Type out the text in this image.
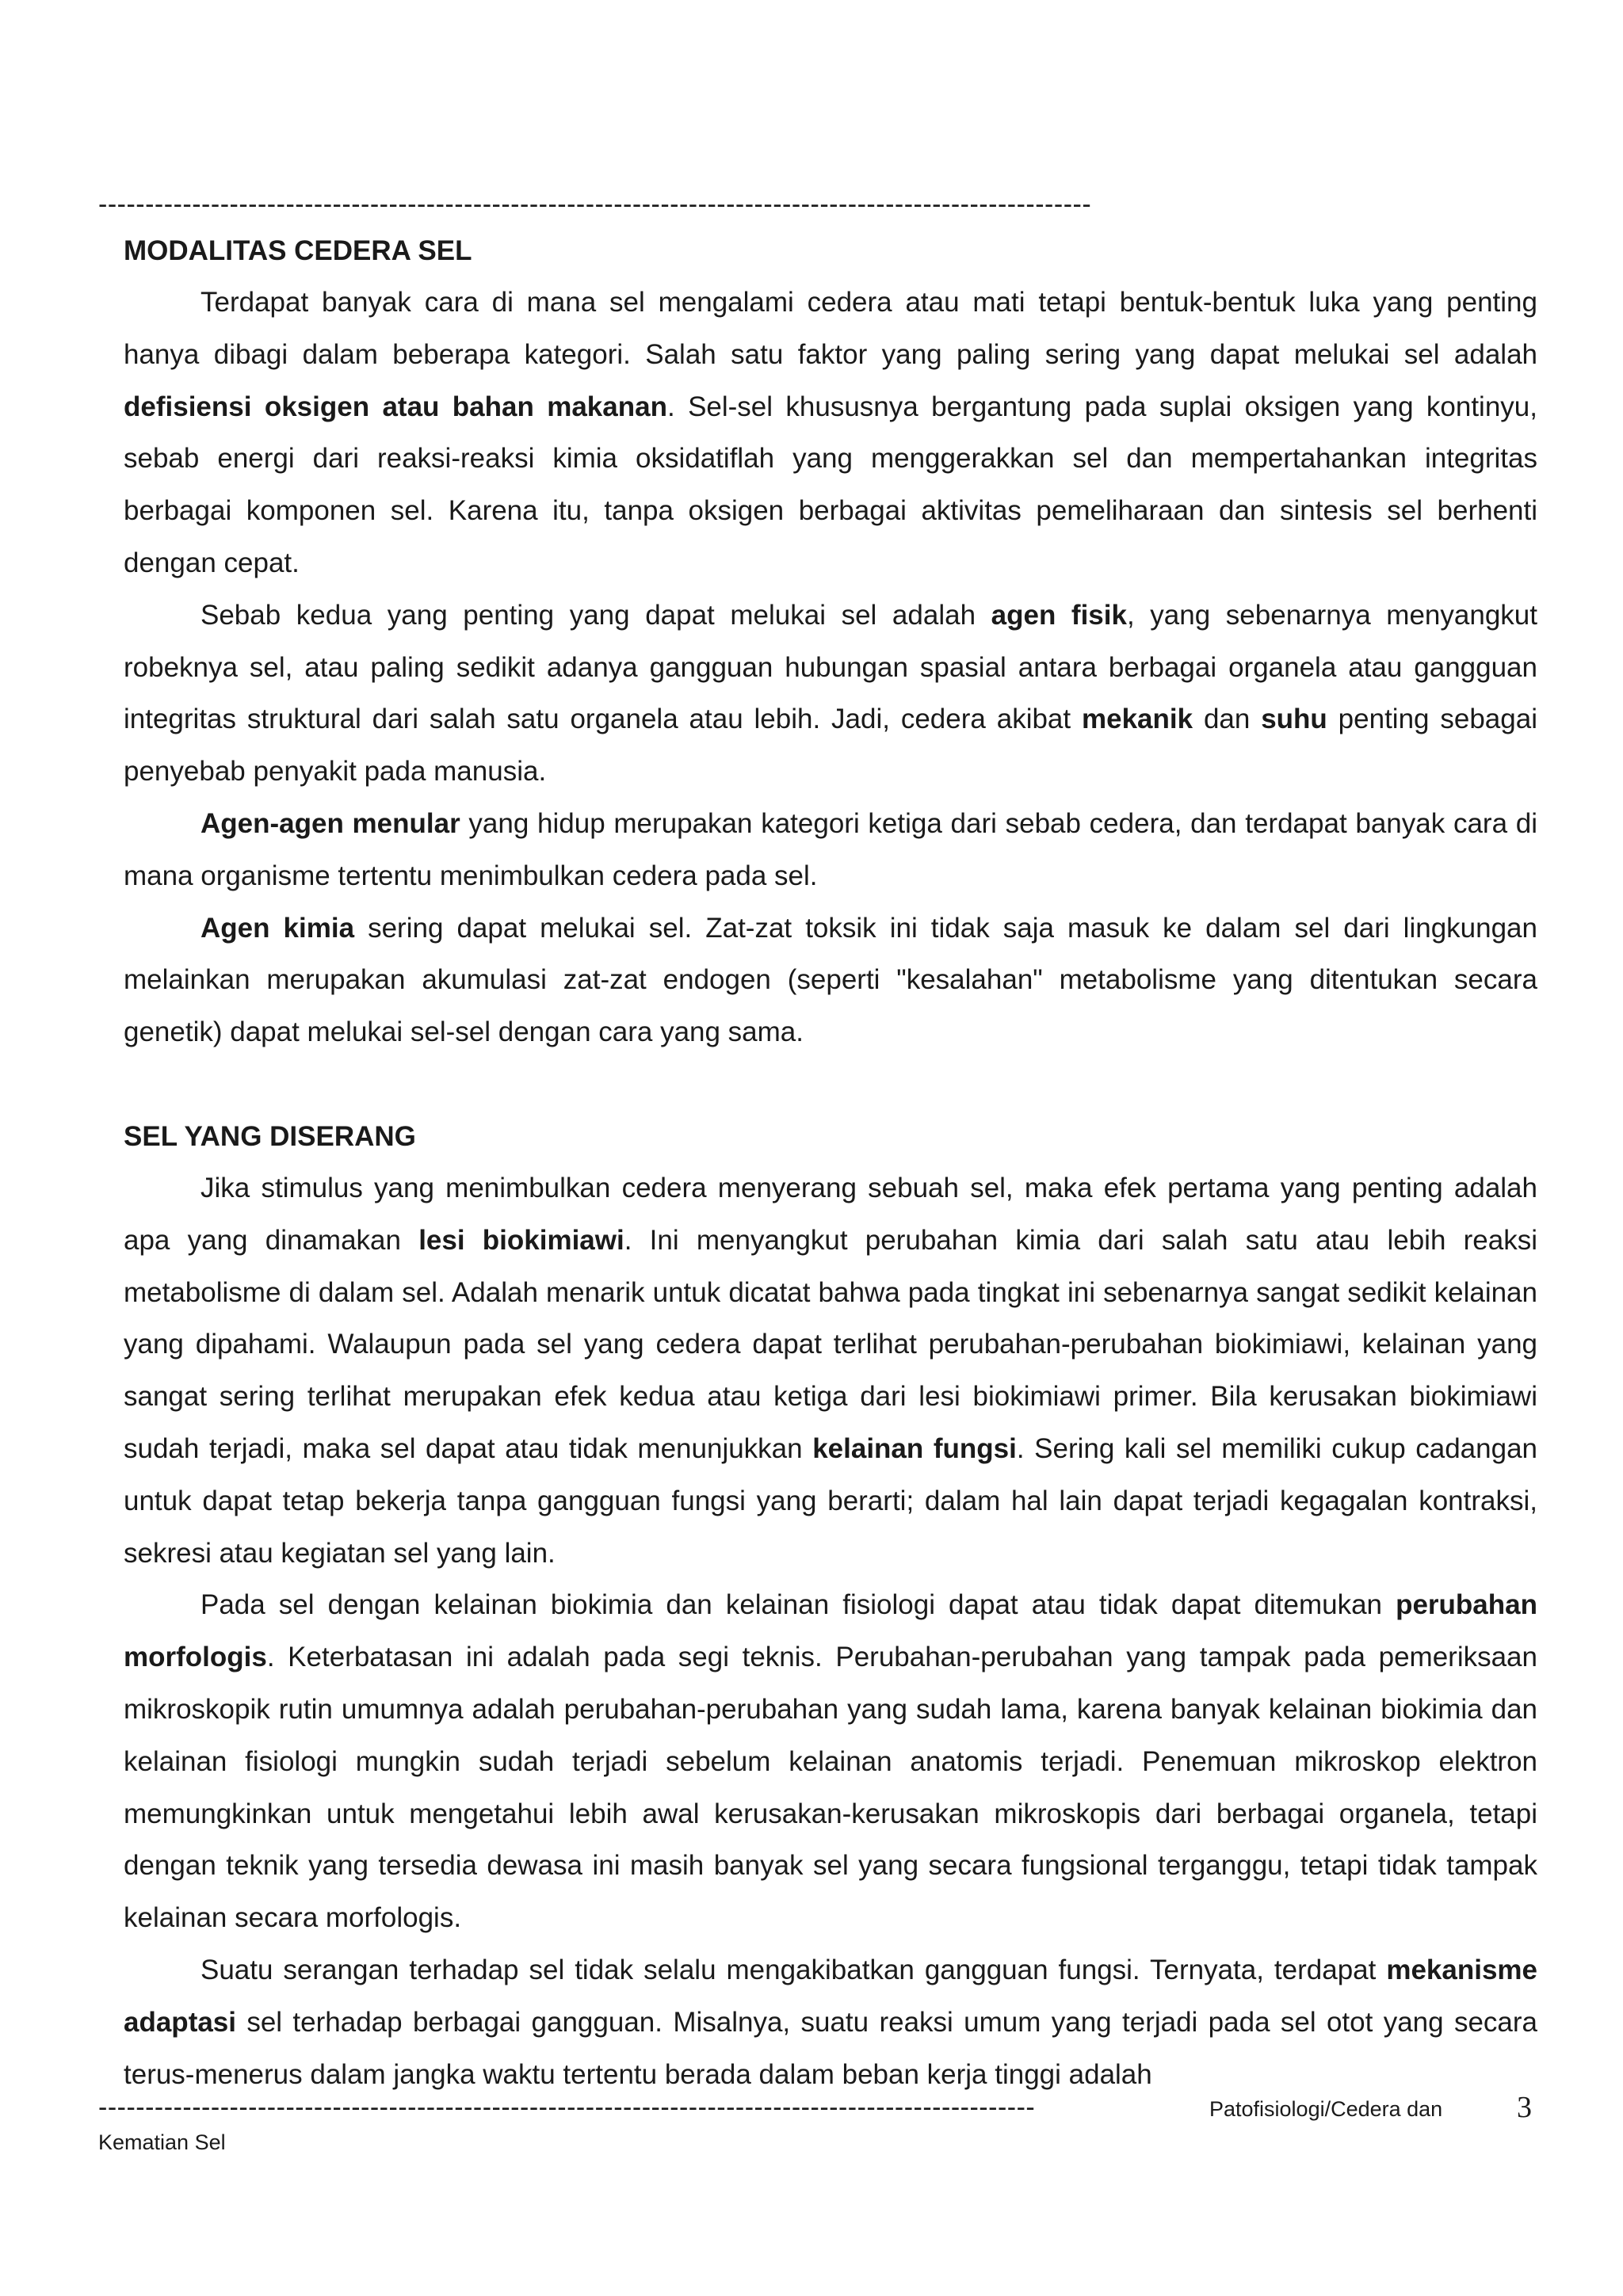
----------------------------------------------------------------------------------------------------------
MODALITAS CEDERA SEL

Terdapat banyak cara di mana sel mengalami cedera atau mati tetapi bentuk-bentuk luka yang penting hanya dibagi dalam beberapa kategori. Salah satu faktor yang paling sering yang dapat melukai sel adalah defisiensi oksigen atau bahan makanan. Sel-sel khususnya bergantung pada suplai oksigen yang kontinyu, sebab energi dari reaksi-reaksi kimia oksidatiflah yang menggerakkan sel dan mempertahankan integritas berbagai komponen sel. Karena itu, tanpa oksigen berbagai aktivitas pemeliharaan dan sintesis sel berhenti dengan cepat.

Sebab kedua yang penting yang dapat melukai sel adalah agen fisik, yang sebenarnya menyangkut robeknya sel, atau paling sedikit adanya gangguan hubungan spasial antara berbagai organela atau gangguan integritas struktural dari salah satu organela atau lebih. Jadi, cedera akibat mekanik dan suhu penting sebagai penyebab penyakit pada manusia.

Agen-agen menular yang hidup merupakan kategori ketiga dari sebab cedera, dan terdapat banyak cara di mana organisme tertentu menimbulkan cedera pada sel.

Agen kimia sering dapat melukai sel. Zat-zat toksik ini tidak saja masuk ke dalam sel dari lingkungan melainkan merupakan akumulasi zat-zat endogen (seperti "kesalahan" metabolisme yang ditentukan secara genetik) dapat melukai sel-sel dengan cara yang sama.

SEL YANG DISERANG

Jika stimulus yang menimbulkan cedera menyerang sebuah sel, maka efek pertama yang penting adalah apa yang dinamakan lesi biokimiawi. Ini menyangkut perubahan kimia dari salah satu atau lebih reaksi metabolisme di dalam sel. Adalah menarik untuk dicatat bahwa pada tingkat ini sebenarnya sangat sedikit kelainan yang dipahami. Walaupun pada sel yang cedera dapat terlihat perubahan-perubahan biokimiawi, kelainan yang sangat sering terlihat merupakan efek kedua atau ketiga dari lesi biokimiawi primer. Bila kerusakan biokimiawi sudah terjadi, maka sel dapat atau tidak menunjukkan kelainan fungsi. Sering kali sel memiliki cukup cadangan untuk dapat tetap bekerja tanpa gangguan fungsi yang berarti; dalam hal lain dapat terjadi kegagalan kontraksi, sekresi atau kegiatan sel yang lain.

Pada sel dengan kelainan biokimia dan kelainan fisiologi dapat atau tidak dapat ditemukan perubahan morfologis. Keterbatasan ini adalah pada segi teknis. Perubahan-perubahan yang tampak pada pemeriksaan mikroskopik rutin umumnya adalah perubahan-perubahan yang sudah lama, karena banyak kelainan biokimia dan kelainan fisiologi mungkin sudah terjadi sebelum kelainan anatomis terjadi. Penemuan mikroskop elektron memungkinkan untuk mengetahui lebih awal kerusakan-kerusakan mikroskopis dari berbagai organela, tetapi dengan teknik yang tersedia dewasa ini masih banyak sel yang secara fungsional terganggu, tetapi tidak tampak kelainan secara morfologis.

Suatu serangan terhadap sel tidak selalu mengakibatkan gangguan fungsi. Ternyata, terdapat mekanisme adaptasi sel terhadap berbagai gangguan. Misalnya, suatu reaksi umum yang terjadi pada sel otot yang secara terus-menerus dalam jangka waktu tertentu berada dalam beban kerja tinggi adalah

----------------------------------------------------------------------------------------------------	Patofisiologi/Cedera dan 3
Kematian Sel
